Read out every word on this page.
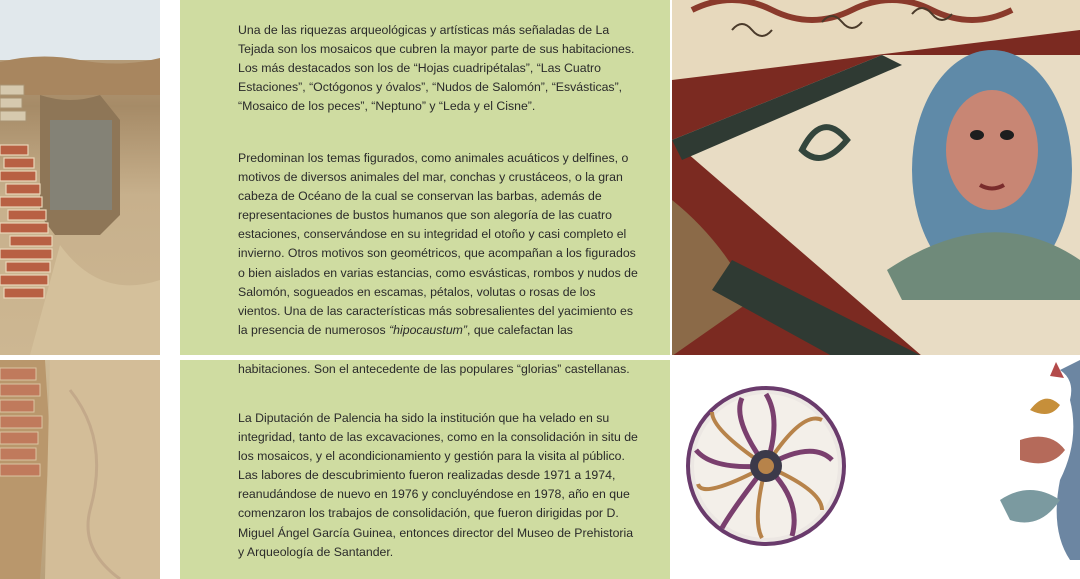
Una de las riquezas arqueológicas y artísticas más señaladas de La Tejada son los mosaicos que cubren la mayor parte de sus habitaciones. Los más destacados son los de “Hojas cuadripétalas”, “Las Cuatro Estaciones”, “Octógonos y óvalos”, “Nudos de Salomón”, “Esvásticas”, “Mosaico de los peces”, “Neptuno” y “Leda y el Cisne”.

Predominan los temas figurados, como animales acuáticos y delfines, o motivos de diversos animales del mar, conchas y crustáceos, o la gran cabeza de Océano de la cual se conservan las barbas, además de representaciones de bustos humanos que son alegoría de las cuatro estaciones, conservándose en su integridad el otoño y casi completo el invierno. Otros motivos son geométricos, que acompañan a los figurados o bien aislados en varias estancias, como esvásticas, rombos y nudos de Salomón, sogueados en escamas, pétalos, volutas o rosas de los vientos. Una de las características más sobresalientes del yacimiento es la presencia de numerosos “hipocaustum”, que calefactan las

habitaciones. Son el antecedente de las populares “glorias” castellanas.

La Diputación de Palencia ha sido la institución que ha velado en su integridad, tanto de las excavaciones, como en la consolidación in situ de los mosaicos, y el acondicionamiento y gestión para la visita al público. Las labores de descubrimiento fueron realizadas desde 1971 a 1974, reanudándose de nuevo en 1976 y concluyéndose en 1978, año en que comenzaron los trabajos de consolidación, que fueron dirigidas por D. Miguel Ángel García Guinea, entonces director del Museo de Prehistoria y Arqueología de Santander.
